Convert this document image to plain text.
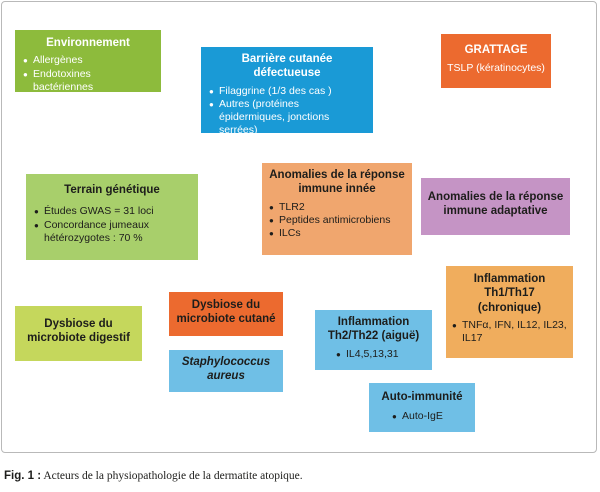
Environnement
● Allergènes
● Endotoxines bactériennes
Barrière cutanée
défectueuse
● Filaggrine (1/3 des cas )
● Autres (protéines épidermiques, jonctions serrées)
GRATTAGE
TSLP (kératinocytes)
Terrain génétique
● Études GWAS = 31 loci
● Concordance jumeaux hétérozygotes : 70 %
Anomalies de la réponse
immune innée
● TLR2
● Peptides antimicrobiens
● ILCs
Anomalies de la réponse
immune adaptative
Dysbiose du
microbiote digestif
Dysbiose du
microbiote cutané
Staphylococcus
aureus
Inflammation
Th2/Th22 (aiguë)
● IL4,5,13,31
Inflammation
Th1/Th17
(chronique)
● TNFα, IFN, IL12, IL23, IL17
Auto-immunité
● Auto-IgE
Fig. 1 : Acteurs de la physiopathologie de la dermatite atopique.
